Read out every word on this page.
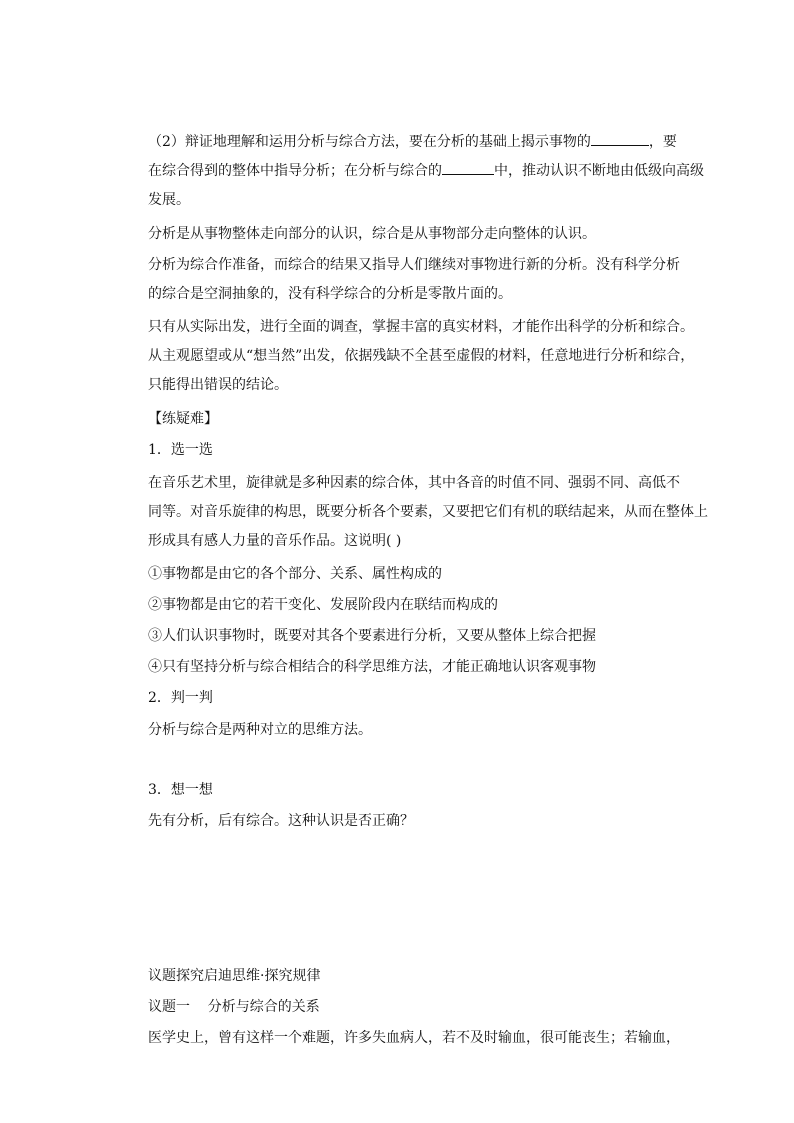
（2）辩证地理解和运用分析与综合方法，要在分析的基础上揭示事物的	，要
在综合得到的整体中指导分析；在分析与综合的	中，推动认识不断地由低级向高级
发展。
分析是从事物整体走向部分的认识，综合是从事物部分走向整体的认识。
分析为综合作准备，而综合的结果又指导人们继续对事物进行新的分析。没有科学分析
的综合是空洞抽象的，没有科学综合的分析是零散片面的。
只有从实际出发，进行全面的调查，掌握丰富的真实材料，才能作出科学的分析和综合。
从主观愿望或从“想当然”出发，依据残缺不全甚至虚假的材料，任意地进行分析和综合，
只能得出错误的结论。
【练疑难】
1．选一选
在音乐艺术里，旋律就是多种因素的综合体，其中各音的时值不同、强弱不同、高低不
同等。对音乐旋律的构思，既要分析各个要素，又要把它们有机的联结起来，从而在整体上
形成具有感人力量的音乐作品。这说明( )
①事物都是由它的各个部分、关系、属性构成的
②事物都是由它的若干变化、发展阶段内在联结而构成的
③人们认识事物时，既要对其各个要素进行分析，又要从整体上综合把握
④只有坚持分析与综合相结合的科学思维方法，才能正确地认识客观事物
2．判一判
分析与综合是两种对立的思维方法。
3．想一想
先有分析，后有综合。这种认识是否正确？
议题探究启迪思维·探究规律
议题一    分析与综合的关系
医学史上，曾有这样一个难题，许多失血病人，若不及时输血，很可能丧生；若输血，
